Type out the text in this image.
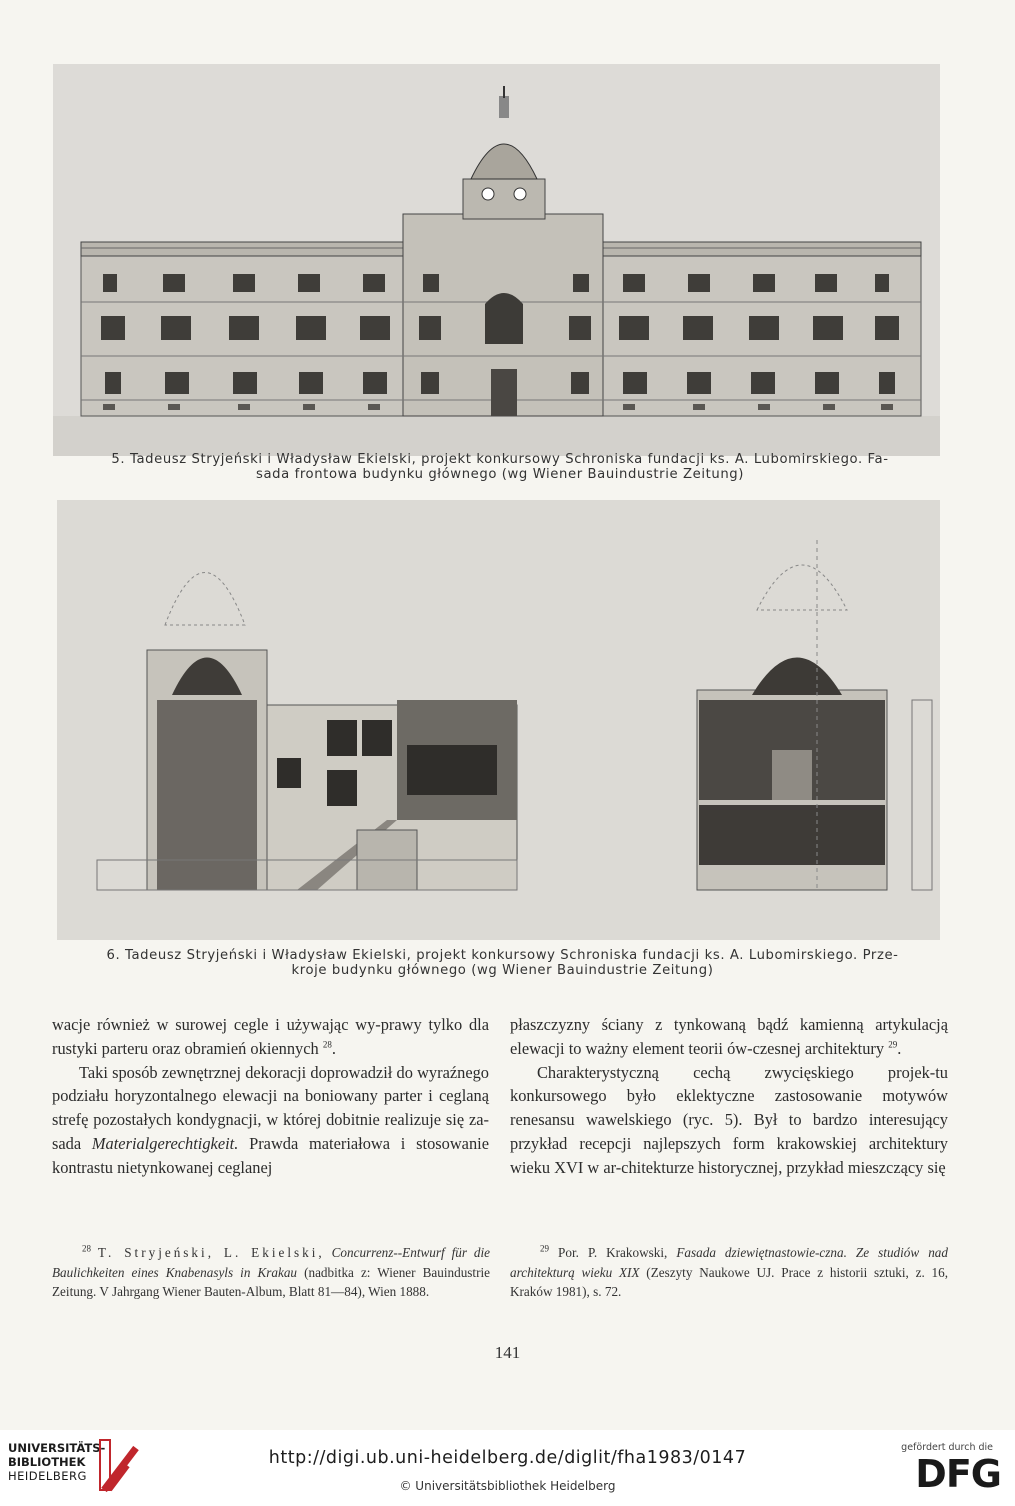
5. Tadeusz Stryjeński i Władysław Ekielski, projekt konkursowy Schroniska fundacji ks. A. Lubomirskiego. Fa-
sada frontowa budynku głównego (wg Wiener Bauindustrie Zeitung)
6. Tadeusz Stryjeński i Władysław Ekielski, projekt konkursowy Schroniska fundacji ks. A. Lubomirskiego. Prze-
kroje budynku głównego (wg Wiener Bauindustrie Zeitung)

wacje również w surowej cegle i używając wy-prawy tylko dla rustyki parteru oraz obramień okiennych $^{28}$.

Taki sposób zewnętrznej dekoracji doprowadził do wyraźnego podziału horyzontalnego elewacji na boniowany parter i ceglaną strefę pozostałych kondygnacji, w której dobitnie realizuje się za-sada Materialgerechtigkeit. Prawda materiałowa i stosowanie kontrastu nietynkowanej ceglanej

płaszczyzny ściany z tynkowaną bądź kamienną artykulacją elewacji to ważny element teorii ów-czesnej architektury $^{29}$.

Charakterystyczną cechą zwycięskiego projek-tu konkursowego było eklektyczne zastosowanie motywów renesansu wawelskiego (ryc. 5). Był to bardzo interesujący przykład recepcji najlepszych form krakowskiej architektury wieku XVI w ar-chitekturze historycznej, przykład mieszczący się

$^{28}$ T. Stryjeński, L. Ekielski, Concurrenz--Entwurf für die Baulichkeiten eines Knabenasyls in Krakau (nadbitka z: Wiener Bauindustrie Zeitung. V Jahrgang Wiener Bauten-Album, Blatt 81—84), Wien 1888.

$^{29}$ Por. P. Krakowski, Fasada dziewiętnastowie-czna. Ze studiów nad architekturą wieku XIX (Zeszyty Naukowe UJ. Prace z historii sztuki, z. 16, Kraków 1981), s. 72.

141
UNIVERSITÄTS-
BIBLIOTHEK
HEIDELBERG
http://digi.ub.uni-heidelberg.de/diglit/fha1983/0147
© Universitätsbibliothek Heidelberg
gefördert durch die
DFG
